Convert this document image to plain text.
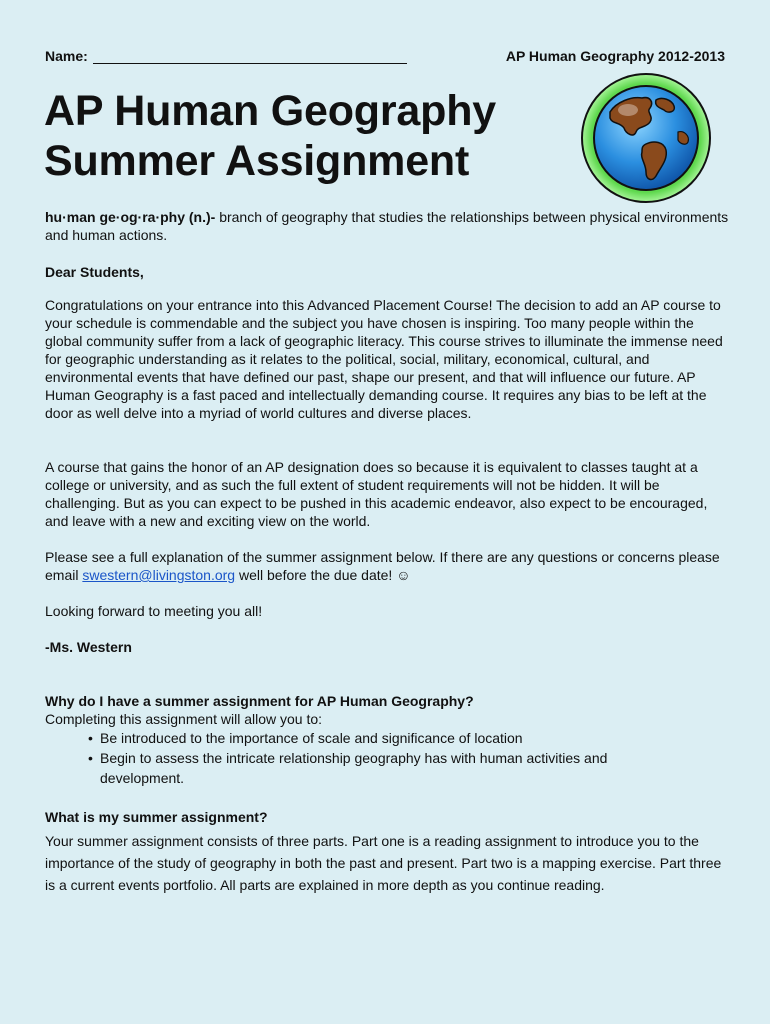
Name:	AP Human Geography 2012-2013
AP Human Geography
Summer Assignment
hu·man ge·og·ra·phy (n.)- branch of geography that studies the relationships between physical environments and human actions.
Dear Students,
Congratulations on your entrance into this Advanced Placement Course! The decision to add an AP course to your schedule is commendable and the subject you have chosen is inspiring. Too many people within the global community suffer from a lack of geographic literacy. This course strives to illuminate the immense need for geographic understanding as it relates to the political, social, military, economical, cultural, and environmental events that have defined our past, shape our present, and that will influence our future. AP Human Geography is a fast paced and intellectually demanding course. It requires any bias to be left at the door as well delve into a myriad of world cultures and diverse places.
A course that gains the honor of an AP designation does so because it is equivalent to classes taught at a college or university, and as such the full extent of student requirements will not be hidden. It will be challenging. But as you can expect to be pushed in this academic endeavor, also expect to be encouraged, and leave with a new and exciting view on the world.
Please see a full explanation of the summer assignment below. If there are any questions or concerns please email swestern@livingston.org well before the due date! ☺
Looking forward to meeting you all!
-Ms. Western
Why do I have a summer assignment for AP Human Geography?
Completing this assignment will allow you to:
• Be introduced to the importance of scale and significance of location
• Begin to assess the intricate relationship geography has with human activities and development.
What is my summer assignment?
Your summer assignment consists of three parts. Part one is a reading assignment to introduce you to the importance of the study of geography in both the past and present. Part two is a mapping exercise. Part three is a current events portfolio. All parts are explained in more depth as you continue reading.
